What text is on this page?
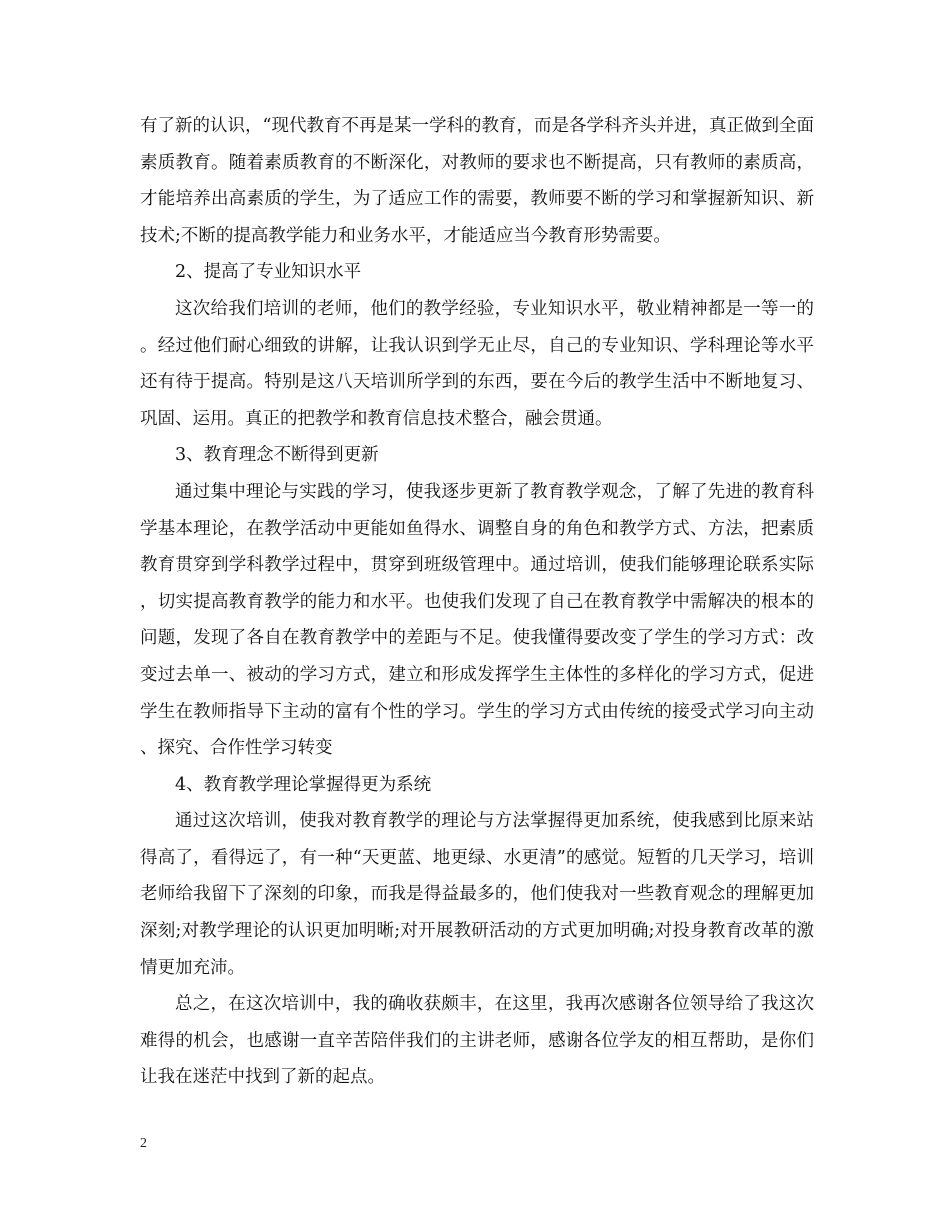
有了新的认识，“现代教育不再是某一学科的教育，而是各学科齐头并进，真正做到全面素质教育。随着素质教育的不断深化，对教师的要求也不断提高，只有教师的素质高，才能培养出高素质的学生，为了适应工作的需要，教师要不断的学习和掌握新知识、新技术;不断的提高教学能力和业务水平，才能适应当今教育形势需要。

2、提高了专业知识水平

这次给我们培训的老师，他们的教学经验，专业知识水平，敬业精神都是一等一的。经过他们耐心细致的讲解，让我认识到学无止尽，自己的专业知识、学科理论等水平还有待于提高。特别是这八天培训所学到的东西，要在今后的教学生活中不断地复习、巩固、运用。真正的把教学和教育信息技术整合，融会贯通。

3、教育理念不断得到更新

通过集中理论与实践的学习，使我逐步更新了教育教学观念，了解了先进的教育科学基本理论，在教学活动中更能如鱼得水、调整自身的角色和教学方式、方法，把素质教育贯穿到学科教学过程中，贯穿到班级管理中。通过培训，使我们能够理论联系实际，切实提高教育教学的能力和水平。也使我们发现了自己在教育教学中需解决的根本的问题，发现了各自在教育教学中的差距与不足。使我懂得要改变了学生的学习方式：改变过去单一、被动的学习方式，建立和形成发挥学生主体性的多样化的学习方式，促进学生在教师指导下主动的富有个性的学习。学生的学习方式由传统的接受式学习向主动、探究、合作性学习转变

4、教育教学理论掌握得更为系统

通过这次培训，使我对教育教学的理论与方法掌握得更加系统，使我感到比原来站得高了，看得远了，有一种“天更蓝、地更绿、水更清”的感觉。短暂的几天学习，培训老师给我留下了深刻的印象，而我是得益最多的，他们使我对一些教育观念的理解更加深刻;对教学理论的认识更加明晰;对开展教研活动的方式更加明确;对投身教育改革的激情更加充沛。

总之，在这次培训中，我的确收获颇丰，在这里，我再次感谢各位领导给了我这次难得的机会，也感谢一直辛苦陪伴我们的主讲老师，感谢各位学友的相互帮助，是你们让我在迷茫中找到了新的起点。

2
